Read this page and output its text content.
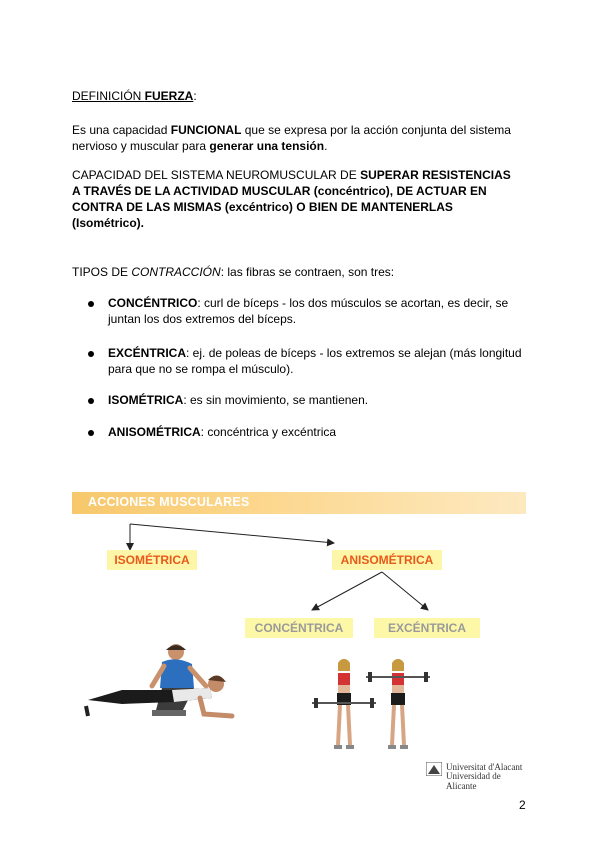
DEFINICIÓN FUERZA:
Es una capacidad FUNCIONAL que se expresa por la acción conjunta del sistema
nervioso y muscular para generar una tensión.
CAPACIDAD DEL SISTEMA NEUROMUSCULAR DE SUPERAR RESISTENCIAS
A TRAVÉS DE LA ACTIVIDAD MUSCULAR (concéntrico), DE ACTUAR EN
CONTRA DE LAS MISMAS (excéntrico) O BIEN DE MANTENERLAS
(Isométrico).
TIPOS DE CONTRACCIÓN: las fibras se contraen, son tres:
CONCÉNTRICO: curl de bíceps - los dos músculos se acortan, es decir, se
juntan los dos extremos del bíceps.
EXCÉNTRICA: ej. de poleas de bíceps - los extremos se alejan (más longitud
para que no se rompa el músculo).
ISOMÉTRICA: es sin movimiento, se mantienen.
ANISOMÉTRICA: concéntrica y excéntrica
ACCIONES MUSCULARES
ISOMÉTRICA	ANISOMÉTRICA
CONCÉNTRICA	EXCÉNTRICA
Universitat d'Alacant
Universidad de Alicante
2
